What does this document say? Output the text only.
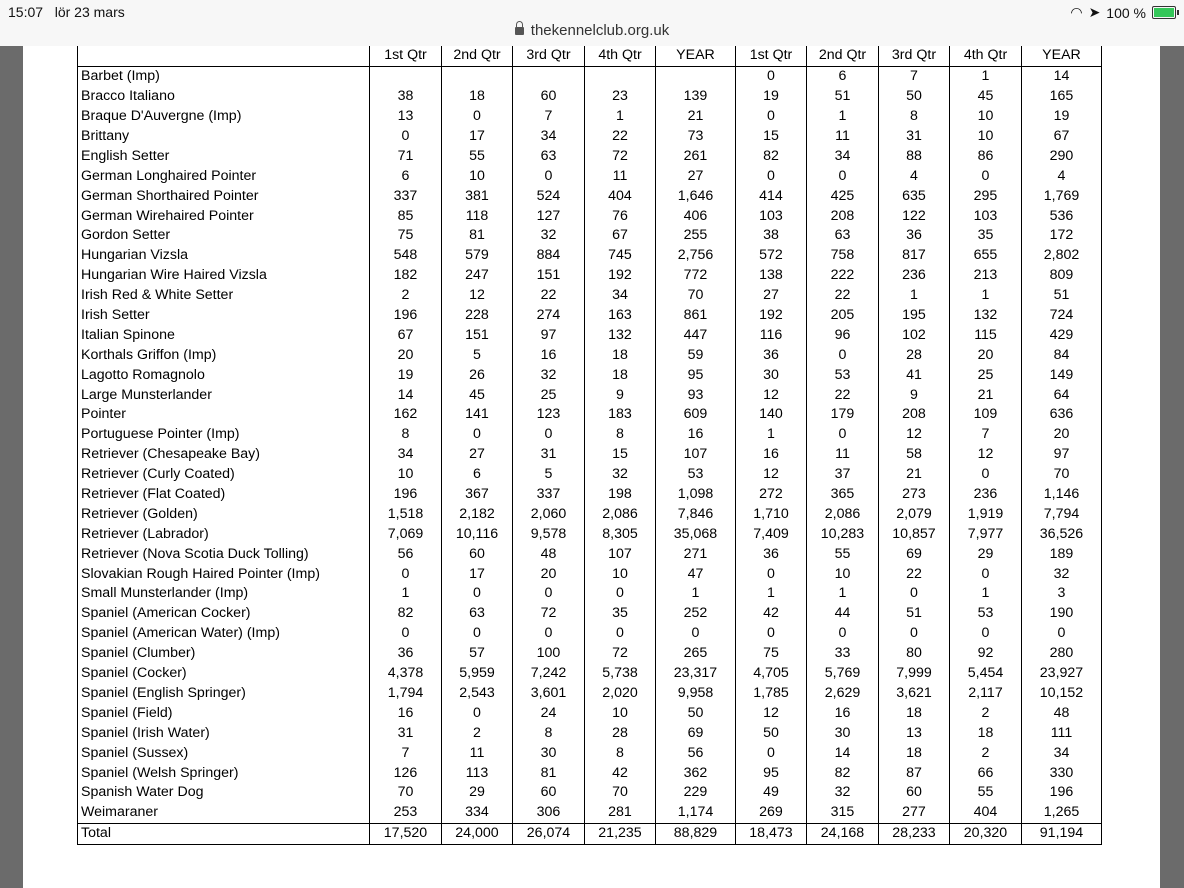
15:07 lör 23 mars	◠ ➤ 100 %
thekennelclub.org.uk
	1st Qtr	2nd Qtr	3rd Qtr	4th Qtr	YEAR	1st Qtr	2nd Qtr	3rd Qtr	4th Qtr	YEAR
Barbet (Imp)						0	6	7	1	14
Bracco Italiano	38	18	60	23	139	19	51	50	45	165
Braque D'Auvergne (Imp)	13	0	7	1	21	0	1	8	10	19
Brittany	0	17	34	22	73	15	11	31	10	67
English Setter	71	55	63	72	261	82	34	88	86	290
German Longhaired Pointer	6	10	0	11	27	0	0	4	0	4
German Shorthaired Pointer	337	381	524	404	1,646	414	425	635	295	1,769
German Wirehaired Pointer	85	118	127	76	406	103	208	122	103	536
Gordon Setter	75	81	32	67	255	38	63	36	35	172
Hungarian Vizsla	548	579	884	745	2,756	572	758	817	655	2,802
Hungarian Wire Haired Vizsla	182	247	151	192	772	138	222	236	213	809
Irish Red & White Setter	2	12	22	34	70	27	22	1	1	51
Irish Setter	196	228	274	163	861	192	205	195	132	724
Italian Spinone	67	151	97	132	447	116	96	102	115	429
Korthals Griffon (Imp)	20	5	16	18	59	36	0	28	20	84
Lagotto Romagnolo	19	26	32	18	95	30	53	41	25	149
Large Munsterlander	14	45	25	9	93	12	22	9	21	64
Pointer	162	141	123	183	609	140	179	208	109	636
Portuguese Pointer (Imp)	8	0	0	8	16	1	0	12	7	20
Retriever (Chesapeake Bay)	34	27	31	15	107	16	11	58	12	97
Retriever (Curly Coated)	10	6	5	32	53	12	37	21	0	70
Retriever (Flat Coated)	196	367	337	198	1,098	272	365	273	236	1,146
Retriever (Golden)	1,518	2,182	2,060	2,086	7,846	1,710	2,086	2,079	1,919	7,794
Retriever (Labrador)	7,069	10,116	9,578	8,305	35,068	7,409	10,283	10,857	7,977	36,526
Retriever (Nova Scotia Duck Tolling)	56	60	48	107	271	36	55	69	29	189
Slovakian Rough Haired Pointer (Imp)	0	17	20	10	47	0	10	22	0	32
Small Munsterlander (Imp)	1	0	0	0	1	1	1	0	1	3
Spaniel (American Cocker)	82	63	72	35	252	42	44	51	53	190
Spaniel (American Water) (Imp)	0	0	0	0	0	0	0	0	0	0
Spaniel (Clumber)	36	57	100	72	265	75	33	80	92	280
Spaniel (Cocker)	4,378	5,959	7,242	5,738	23,317	4,705	5,769	7,999	5,454	23,927
Spaniel (English Springer)	1,794	2,543	3,601	2,020	9,958	1,785	2,629	3,621	2,117	10,152
Spaniel (Field)	16	0	24	10	50	12	16	18	2	48
Spaniel (Irish Water)	31	2	8	28	69	50	30	13	18	111
Spaniel (Sussex)	7	11	30	8	56	0	14	18	2	34
Spaniel (Welsh Springer)	126	113	81	42	362	95	82	87	66	330
Spanish Water Dog	70	29	60	70	229	49	32	60	55	196
Weimaraner	253	334	306	281	1,174	269	315	277	404	1,265
Total	17,520	24,000	26,074	21,235	88,829	18,473	24,168	28,233	20,320	91,194
